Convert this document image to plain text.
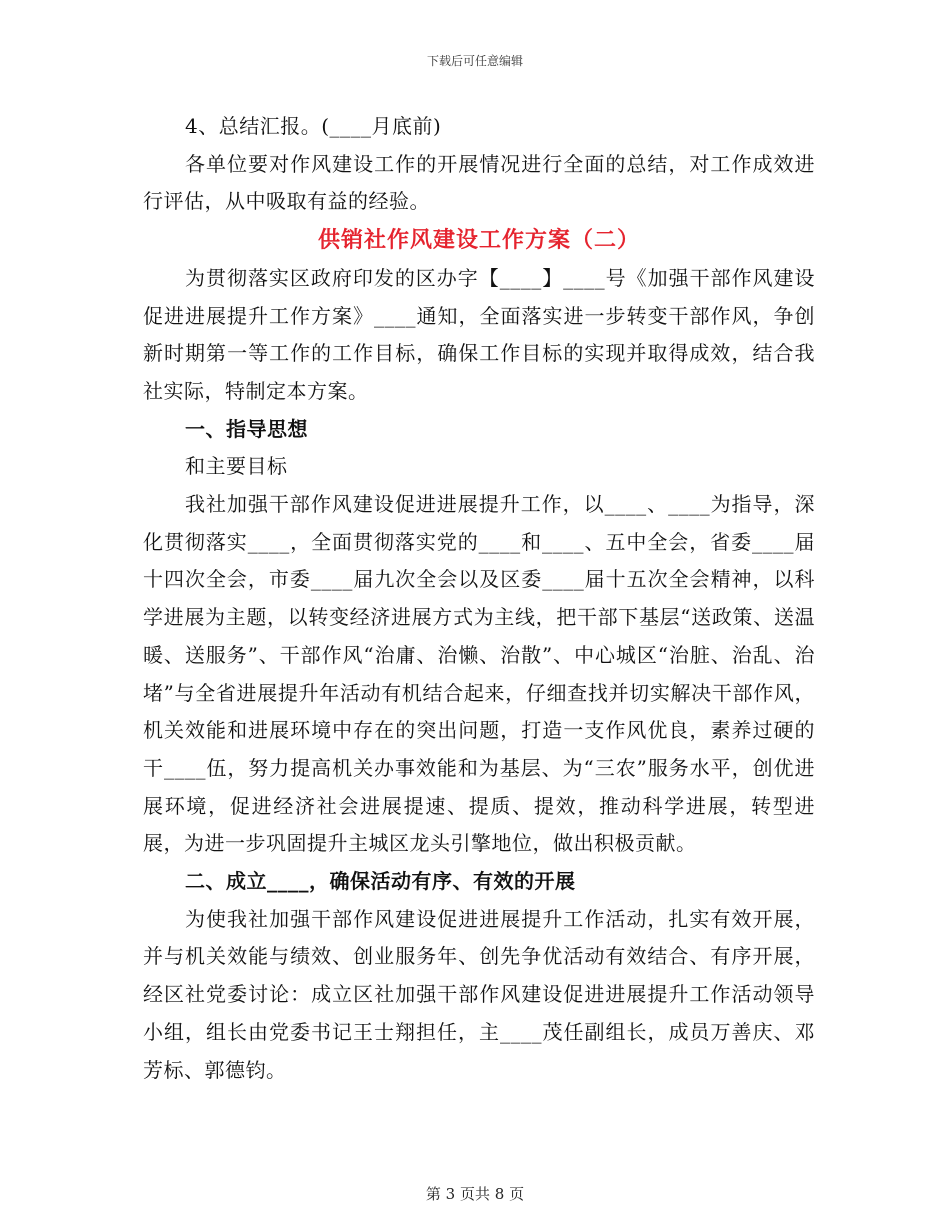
下载后可任意编辑

4、总结汇报。(____月底前)

各单位要对作风建设工作的开展情况进行全面的总结，对工作成效进行评估，从中吸取有益的经验。

供销社作风建设工作方案（二）

为贯彻落实区政府印发的区办字【____】____号《加强干部作风建设促进进展提升工作方案》____通知，全面落实进一步转变干部作风，争创新时期第一等工作的工作目标，确保工作目标的实现并取得成效，结合我社实际，特制定本方案。

一、指导思想

和主要目标

我社加强干部作风建设促进进展提升工作，以____、____为指导，深化贯彻落实____，全面贯彻落实党的____和____、五中全会，省委____届十四次全会，市委____届九次全会以及区委____届十五次全会精神，以科学进展为主题，以转变经济进展方式为主线，把干部下基层“送政策、送温暖、送服务”、干部作风“治庸、治懒、治散”、中心城区“治脏、治乱、治堵”与全省进展提升年活动有机结合起来，仔细查找并切实解决干部作风，机关效能和进展环境中存在的突出问题，打造一支作风优良，素养过硬的干____伍，努力提高机关办事效能和为基层、为“三农”服务水平，创优进展环境，促进经济社会进展提速、提质、提效，推动科学进展，转型进展，为进一步巩固提升主城区龙头引擎地位，做出积极贡献。

二、成立____，确保活动有序、有效的开展

为使我社加强干部作风建设促进进展提升工作活动，扎实有效开展，并与机关效能与绩效、创业服务年、创先争优活动有效结合、有序开展，经区社党委讨论：成立区社加强干部作风建设促进进展提升工作活动领导小组，组长由党委书记王士翔担任，主____茂任副组长，成员万善庆、邓芳标、郭德钧。

第 3 页共 8 页
